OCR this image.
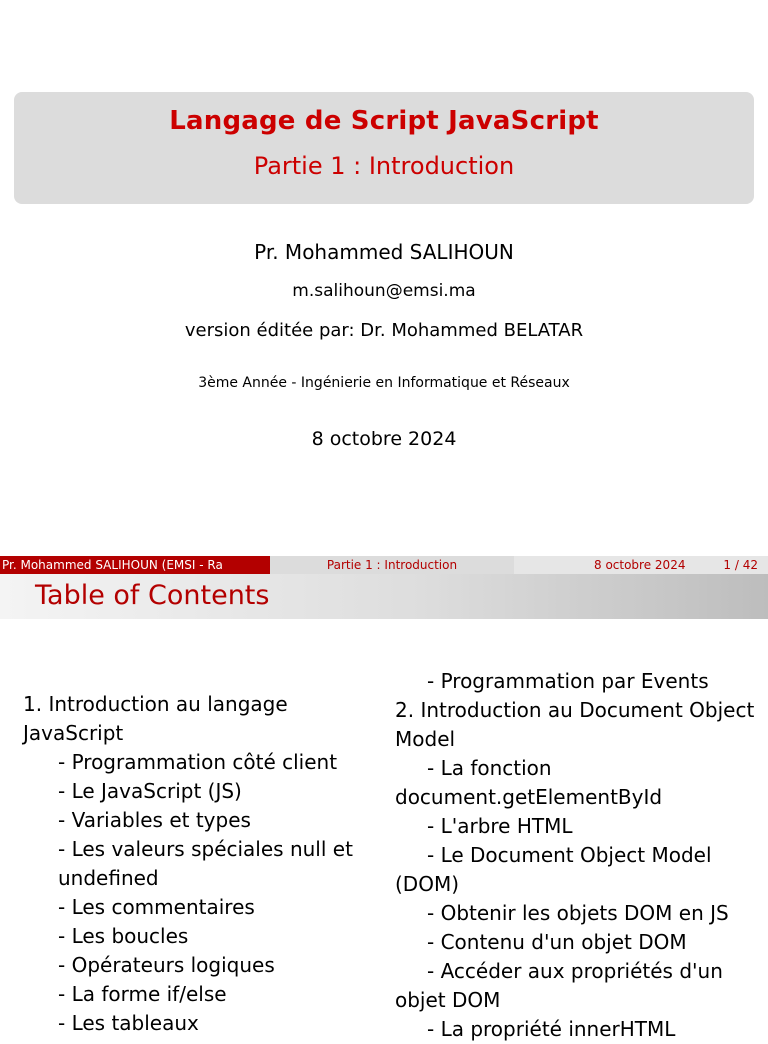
Langage de Script JavaScript
Partie 1 : Introduction
Pr. Mohammed SALIHOUN
m.salihoun@emsi.ma
version éditée par: Dr. Mohammed BELATAR
3ème Année - Ingénierie en Informatique et Réseaux
8 octobre 2024
Pr. Mohammed SALIHOUN (EMSI - Ra	Partie 1 : Introduction	8 octobre 2024	1 / 42
Table of Contents
1. Introduction au langage
JavaScript
- Programmation côté client
- Le JavaScript (JS)
- Variables et types
- Les valeurs spéciales null et
undefined
- Les commentaires
- Les boucles
- Opérateurs logiques
- La forme if/else
- Les tableaux
- Programmation par Events
2. Introduction au Document Object
Model
- La fonction
document.getElementById
- L'arbre HTML
- Le Document Object Model
(DOM)
- Obtenir les objets DOM en JS
- Contenu d'un objet DOM
- Accéder aux propriétés d'un
objet DOM
- La propriété innerHTML
